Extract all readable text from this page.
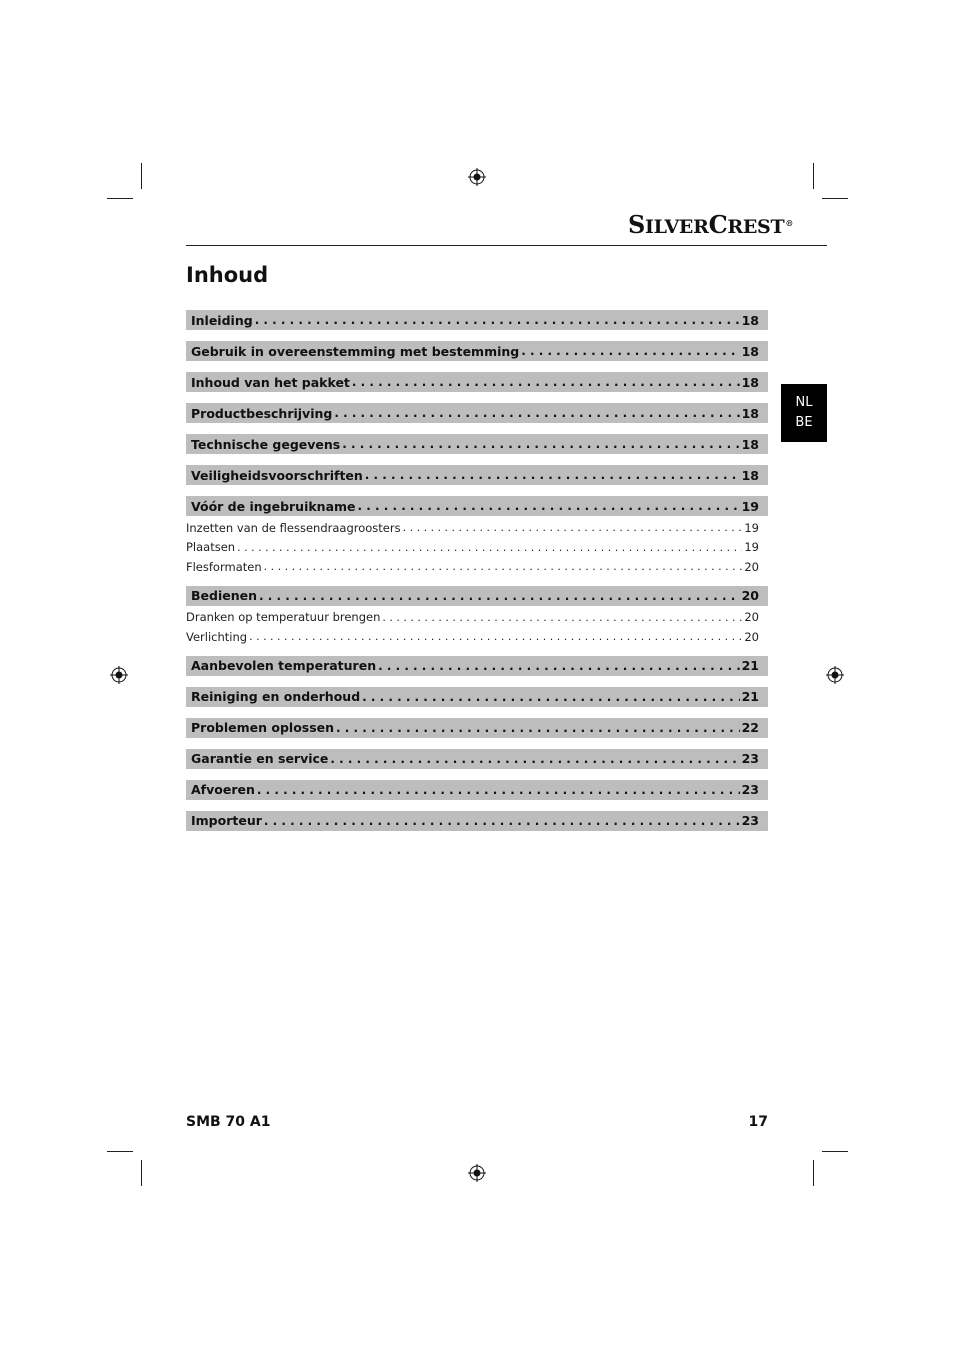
SILVERCREST®
Inhoud
NL
BE
Inleiding . . .	18
Gebruik in overeenstemming met bestemming . . .	18
Inhoud van het pakket . . .	18
Productbeschrijving . . .	18
Technische gegevens . . .	18
Veiligheidsvoorschriften . . .	18
Vóór de ingebruikname . . .	19
Inzetten van de flessendraagroosters . . .	19
Plaatsen . . .	19
Flesformaten . . .	20
Bedienen . . .	20
Dranken op temperatuur brengen . . .	20
Verlichting . . .	20
Aanbevolen temperaturen . . .	21
Reiniging en onderhoud . . .	21
Problemen oplossen . . .	22
Garantie en service . . .	23
Afvoeren . . .	23
Importeur . . .	23
SMB 70 A1	17
